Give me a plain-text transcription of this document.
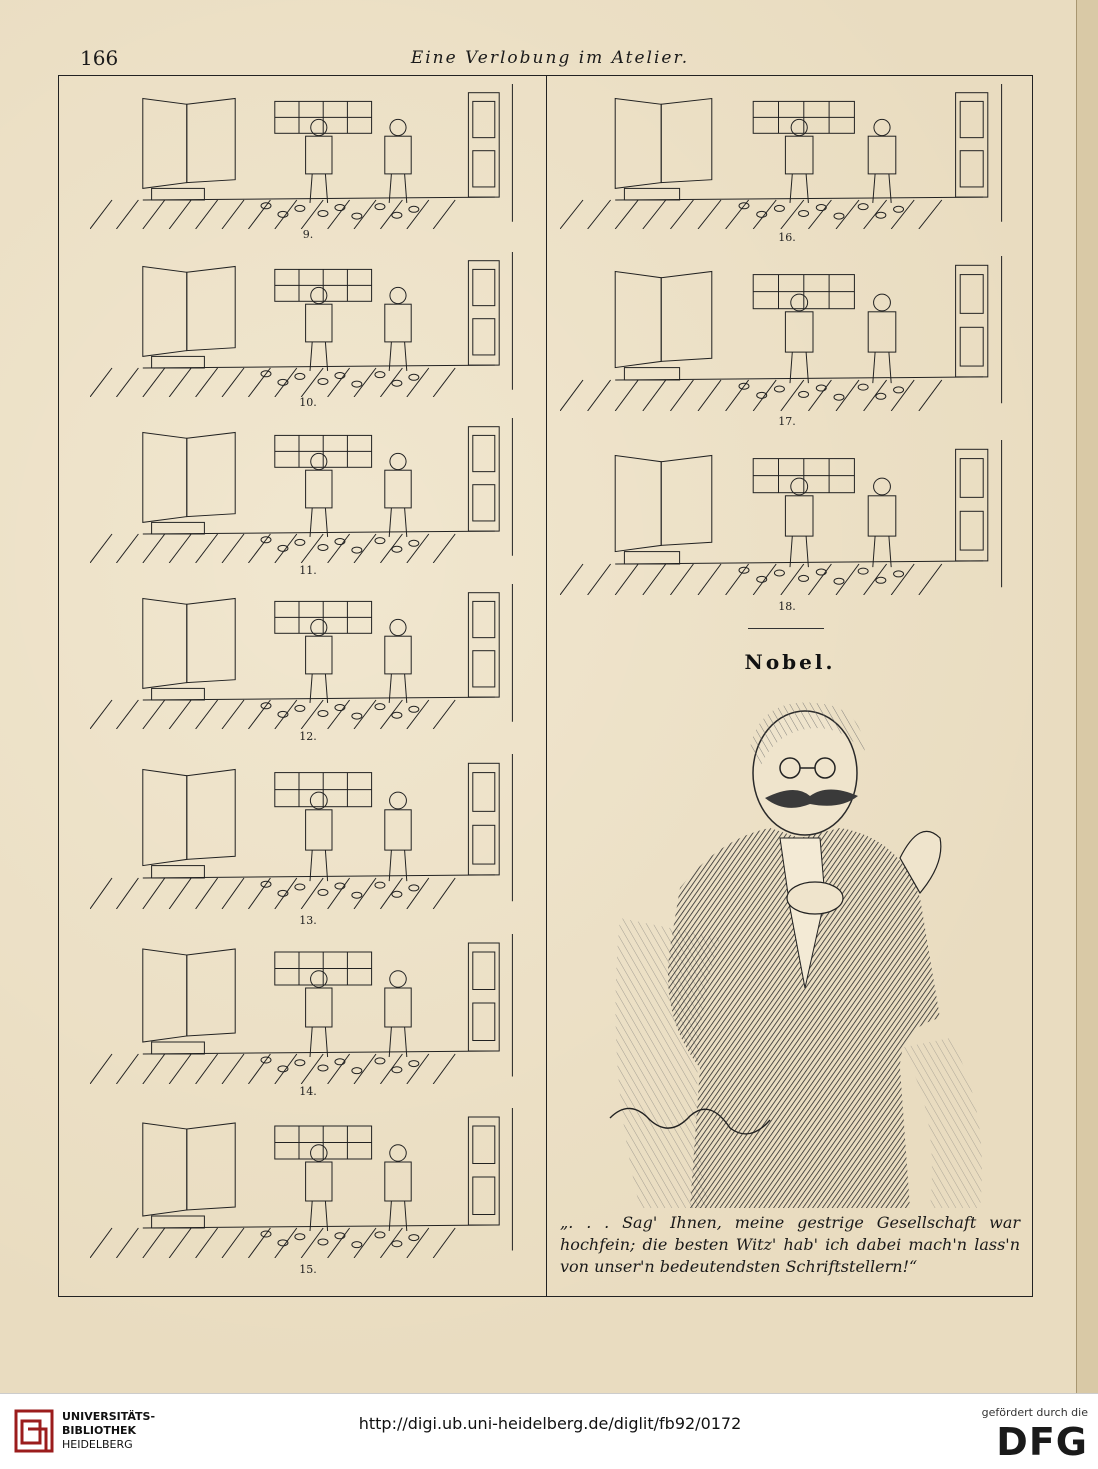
166	Eine Verlobung im Atelier.
9.
10.
11.
12.
13.
14.
15.
16.
17.
18.
Nobel.
„. . . Sag' Ihnen, meine gestrige Gesellschaft war hochfein; die besten Witz' hab' ich dabei mach'n lass'n von unser'n bedeutendsten Schriftstellern!“
UNIVERSITÄTS-
BIBLIOTHEK
HEIDELBERG
http://digi.ub.uni-heidelberg.de/diglit/fb92/0172
gefördert durch die
DFG
